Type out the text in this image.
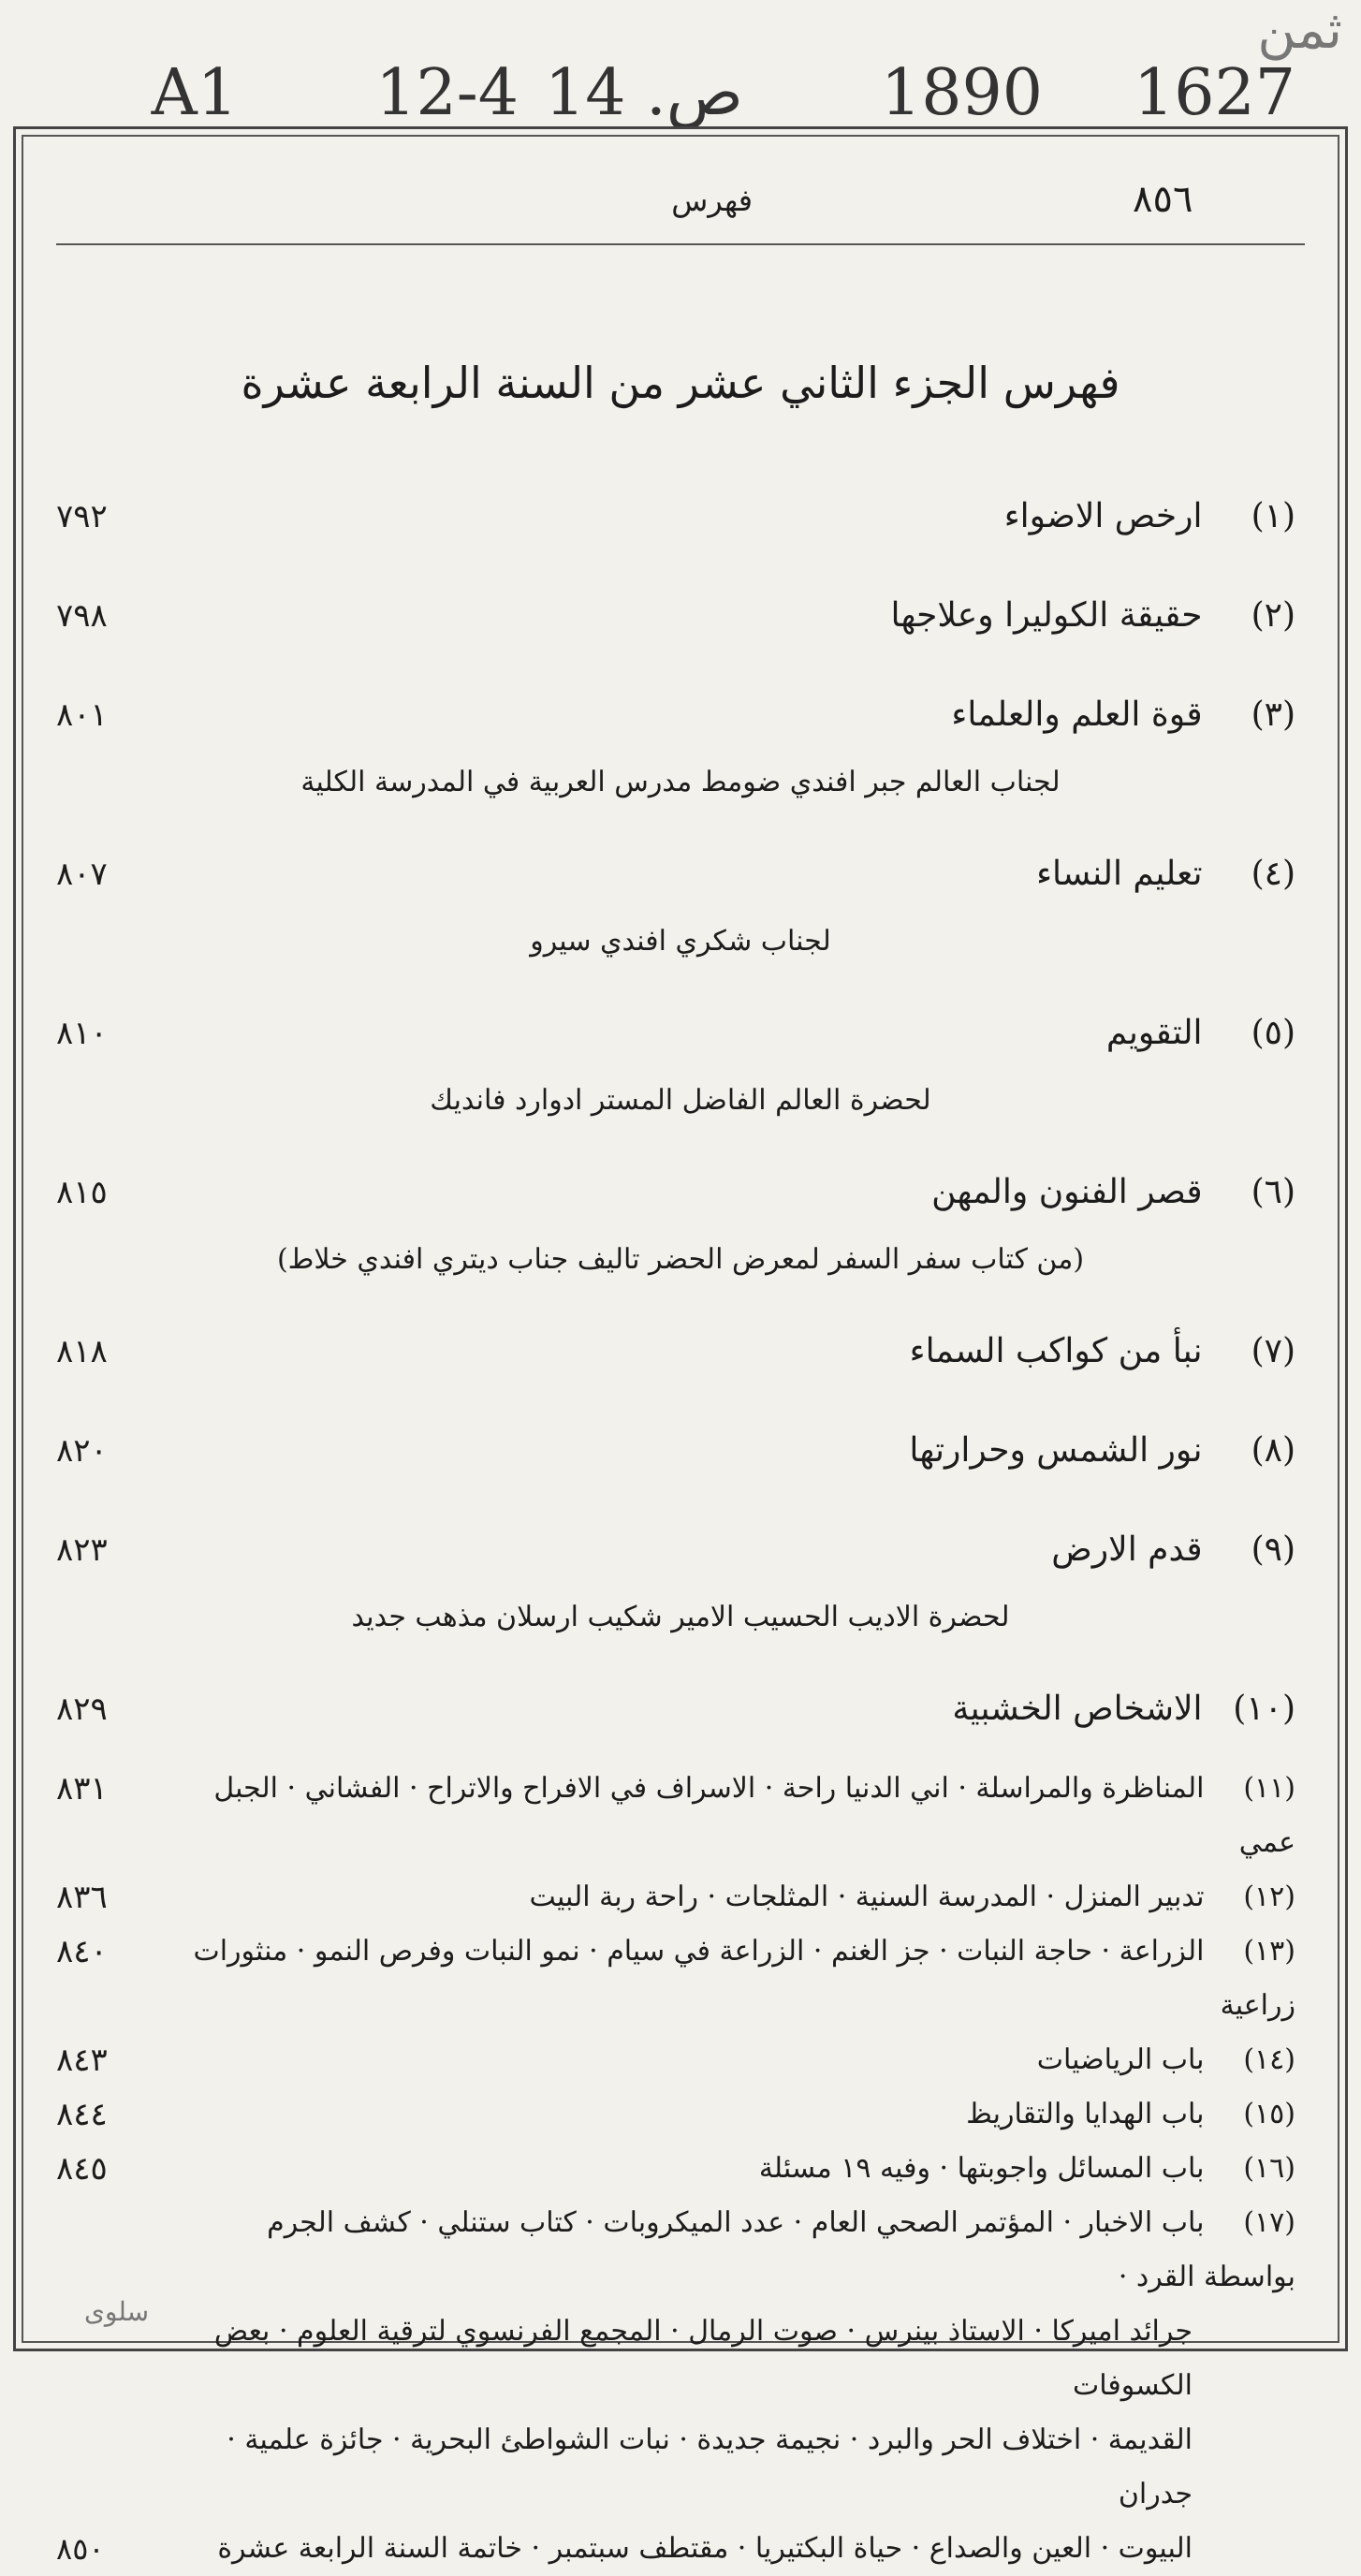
A1 12-4 14 .ص 1890 1627
ثمن
٨٥٦
فهرس
فهرس الجزء الثاني عشر من السنة الرابعة عشرة
(١) ارخص الاضواء
٧٩٢
(٢) حقيقة الكوليرا وعلاجها
٧٩٨
(٣) قوة العلم والعلماء
٨٠١
لجناب العالم جبر افندي ضومط مدرس العربية في المدرسة الكلية
(٤) تعليم النساء
٨٠٧
لجناب شكري افندي سيرو
(٥) التقويم
٨١٠
لحضرة العالم الفاضل المستر ادوارد فانديك
(٦) قصر الفنون والمهن
٨١٥
(من كتاب سفر السفر لمعرض الحضر تاليف جناب ديتري افندي خلاط)
(٧) نبأ من كواكب السماء
٨١٨
(٨) نور الشمس وحرارتها
٨٢٠
(٩) قدم الارض
٨٢٣
لحضرة الاديب الحسيب الامير شكيب ارسلان مذهب جديد
(١٠) الاشخاص الخشبية
٨٢٩
(١١) المناظرة والمراسلة · اني الدنيا راحة · الاسراف في الافراح والاتراح · الفشاني · الجبل عمي
٨٣١
(١٢) تدبير المنزل · المدرسة السنية · المثلجات · راحة ربة البيت
٨٣٦
(١٣) الزراعة · حاجة النبات · جز الغنم · الزراعة في سيام · نمو النبات وفرص النمو · منثورات زراعية
٨٤٠
(١٤) باب الرياضيات
٨٤٣
(١٥) باب الهدايا والتقاريظ
٨٤٤
(١٦) باب المسائل واجوبتها · وفيه ١٩ مسئلة
٨٤٥
(١٧) باب الاخبار · المؤتمر الصحي العام · عدد الميكروبات · كتاب ستنلي · كشف الجرم بواسطة القرد ·
جرائد اميركا · الاستاذ بينرس · صوت الرمال · المجمع الفرنسوي لترقية العلوم · بعض الكسوفات
القديمة · اختلاف الحر والبرد · نجيمة جديدة · نبات الشواطئ البحرية · جائزة علمية · جدران
البيوت · العين والصداع · حياة البكتيريا · مقتطف سبتمبر · خاتمة السنة الرابعة عشرة
٨٥٠
سلوى
